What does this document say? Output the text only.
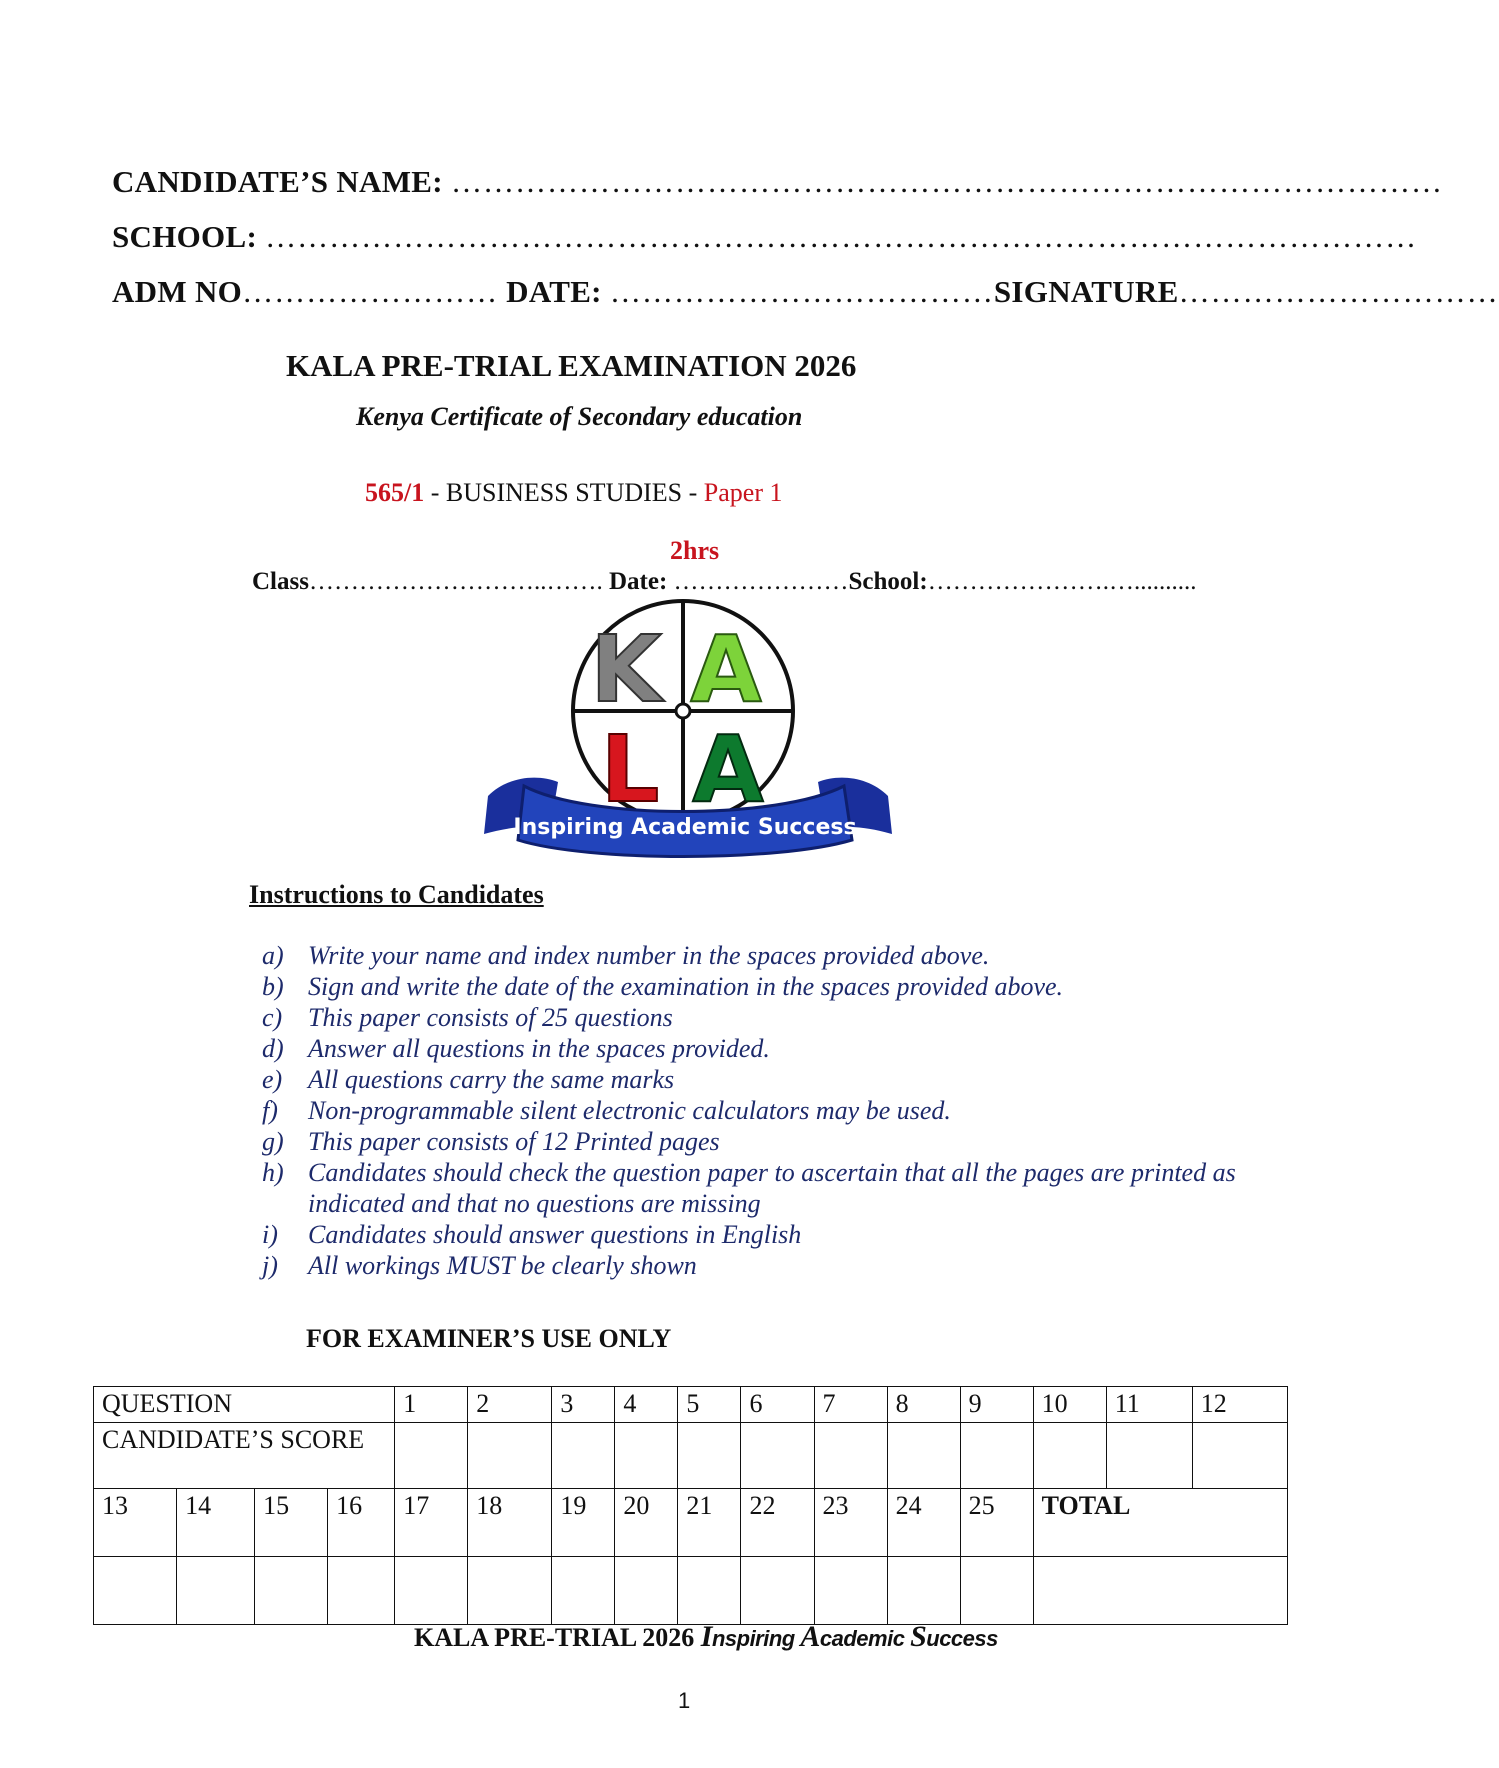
CANDIDATE’S NAME: …………………………………………………………………………………
SCHOOL: ………………………………………………………………………………………………
ADM NO…………………… DATE: ………………………………SIGNATURE…………………………
KALA PRE-TRIAL EXAMINATION 2026
Kenya Certificate of Secondary education
565/1 - BUSINESS STUDIES - Paper 1
2hrs
Class………………………..……. Date: …………………School:………………….…..........
K A
L A
Inspiring Academic Success
Instructions to Candidates
a) Write your name and index number in the spaces provided above.
b) Sign and write the date of the examination in the spaces provided above.
c) This paper consists of 25 questions
d) Answer all questions in the spaces provided.
e) All questions carry the same marks
f) Non-programmable silent electronic calculators may be used.
g) This paper consists of 12 Printed pages
h) Candidates should check the question paper to ascertain that all the pages are printed as indicated and that no questions are missing
i) Candidates should answer questions in English
j) All workings MUST be clearly shown
FOR EXAMINER’S USE ONLY
QUESTION				1	2	3	4	5	6	7	8	9	10	11	12
CANDIDATE’S SCORE															
13	14	15	16	17	18	19	20	21	22	23	24	25	TOTAL		

KALA PRE-TRIAL 2026 Inspiring Academic Success
1
